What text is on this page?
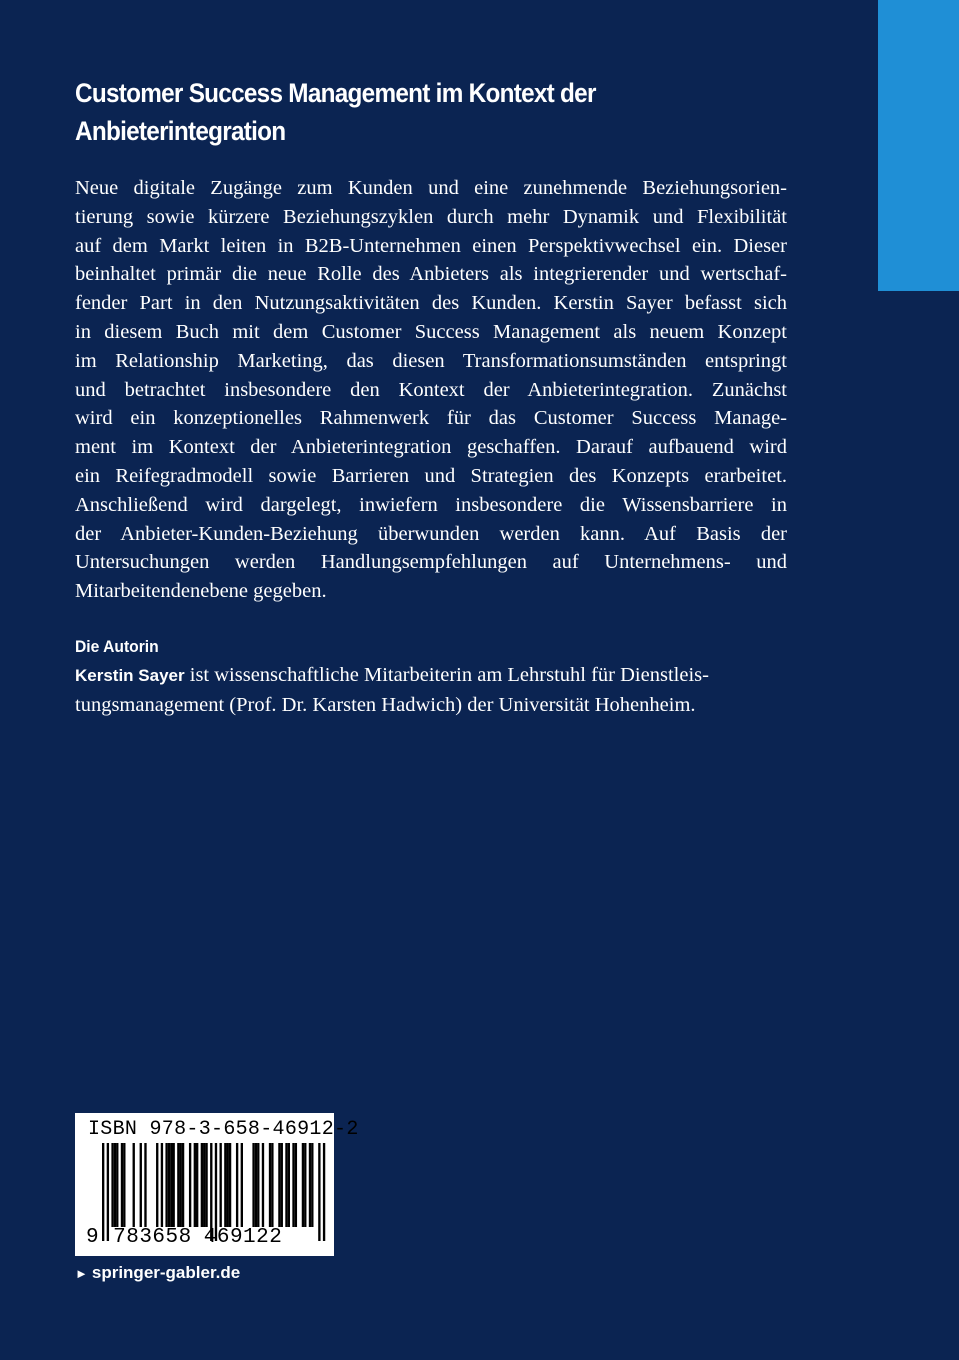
Customer Success Management im Kontext der
Anbieterintegration
Neue digitale Zugänge zum Kunden und eine zunehmende Beziehungsorien-
tierung sowie kürzere Beziehungszyklen durch mehr Dynamik und Flexibilität
auf dem Markt leiten in B2B-Unternehmen einen Perspektivwechsel ein. Dieser
beinhaltet primär die neue Rolle des Anbieters als integrierender und wertschaf-
fender Part in den Nutzungsaktivitäten des Kunden. Kerstin Sayer befasst sich
in diesem Buch mit dem Customer Success Management als neuem Konzept
im Relationship Marketing, das diesen Transformationsumständen entspringt
und betrachtet insbesondere den Kontext der Anbieterintegration. Zunächst
wird ein konzeptionelles Rahmenwerk für das Customer Success Manage-
ment im Kontext der Anbieterintegration geschaffen. Darauf aufbauend wird
ein Reifegradmodell sowie Barrieren und Strategien des Konzepts erarbeitet.
Anschließend wird dargelegt, inwiefern insbesondere die Wissensbarriere in
der Anbieter-Kunden-Beziehung überwunden werden kann. Auf Basis der
Untersuchungen werden Handlungsempfehlungen auf Unternehmens- und
Mitarbeitendenebene gegeben.
Die Autorin
Kerstin Sayer ist wissenschaftliche Mitarbeiterin am Lehrstuhl für Dienstleis-
tungsmanagement (Prof. Dr. Karsten Hadwich) der Universität Hohenheim.
ISBN 978-3-658-46912-2
9 783658 469122
► springer-gabler.de
